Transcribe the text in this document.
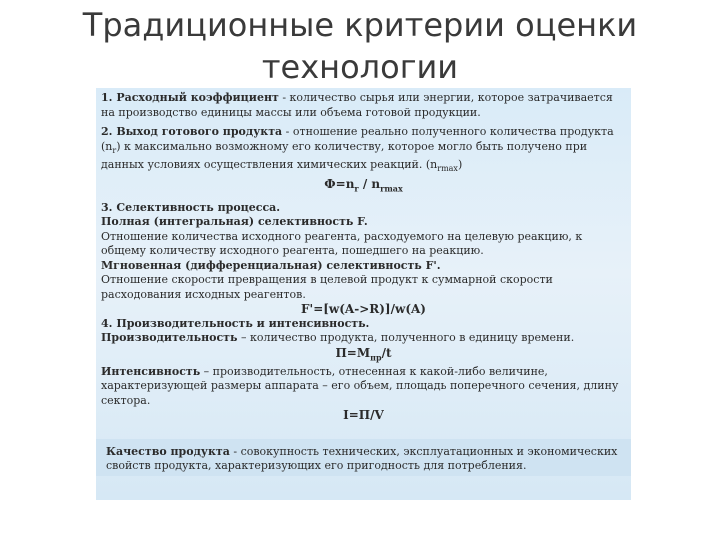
Традиционные критерии оценки
технологии

1. Расходный коэффициент - количество сырья или энергии, которое затрачивается на производство единицы массы или объема готовой продукции.

2. Выход готового продукта - отношение реально полученного количества продукта $(n_r)$ к максимально возможному его количеству, которое могло быть получено при данных условиях осуществления химических реакций. $(n_{rmax})$

$Ф=n_r / n_{rmax}$

3. Селективность процесса.

Полная (интегральная) селективность F.

Отношение количества исходного реагента, расходуемого на целевую реакцию, к общему количеству исходного реагента, пошедшего на реакцию.

Мгновенная (дифференциальная) селективность F'.

Отношение скорости превращения в целевой продукт к суммарной скорости расходования исходных реагентов.

F'=[w(A->R)]/w(A)

4. Производительность и интенсивность.

Производительность – количество продукта, полученного в единицу времени.

$П=М_{пр}/t$

Интенсивность – производительность, отнесенная к какой-либо величине, характеризующей размеры аппарата – его объем, площадь поперечного сечения, длину секторa.

I=П/V

Качество продукта - совокупность технических, эксплуатационных и экономических свойств продукта, характеризующих его пригодность для потребления.
